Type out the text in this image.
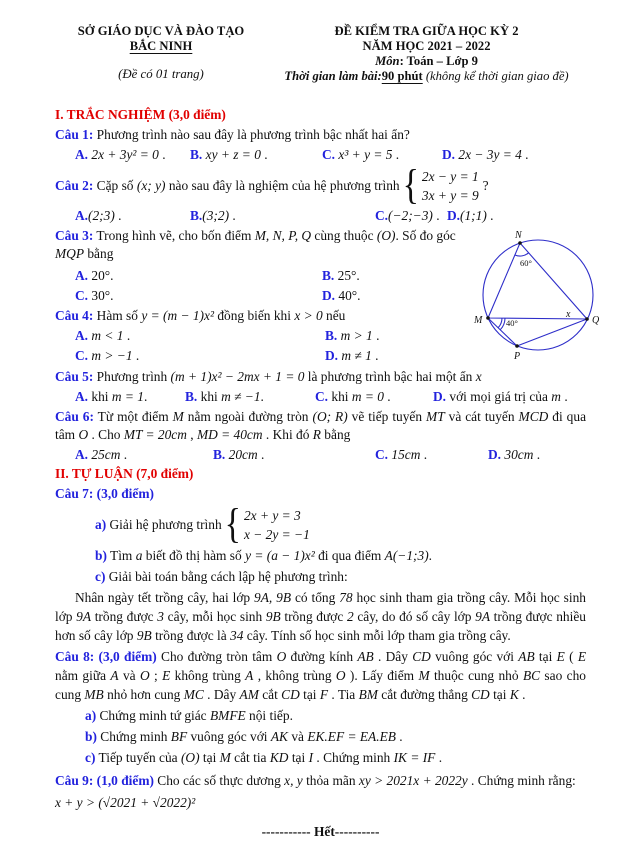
SỞ GIÁO DỤC VÀ ĐÀO TẠO
BẮC NINH
(Đề có 01 trang)
ĐỀ KIỂM TRA GIỮA HỌC KỲ 2
NĂM HỌC 2021 – 2022
Môn: Toán – Lớp 9
Thời gian làm bài:90 phút (không kể thời gian giao đề)
I. TRẮC NGHIỆM (3,0 điểm)

Câu 1: Phương trình nào sau đây là phương trình bậc nhất hai ẩn?

A. 2x + 3y² = 0 .	B. xy + z = 0 .	C. x³ + y = 5 .	D. 2x − 3y = 4 .
Câu 2: Cặp số (x; y) nào sau đây là nghiệm của hệ phương trình { 2x − y = 1
3x + y = 9
?
A.(2;3) .	B.(3;2) .	C.(−2;−3) . D.(1;1) .
N
M	Q
P
60°
40°
x

Câu 3: Trong hình vẽ, cho bốn điểm M, N, P, Q cùng thuộc (O). Số đo góc MQP bằng

A. 20°.	B. 25°.
C. 30°.	D. 40°.

Câu 4: Hàm số y = (m − 1)x² đồng biến khi x > 0 nếu

A. m < 1 .	B. m > 1 .
C. m > −1 .	D. m ≠ 1 .

Câu 5: Phương trình (m + 1)x² − 2mx + 1 = 0 là phương trình bậc hai một ẩn x

A. khi m = 1.	B. khi m ≠ −1.	C. khi m = 0 .	D. với mọi giá trị của m .

Câu 6: Từ một điểm M nằm ngoài đường tròn (O; R) vẽ tiếp tuyến MT và cát tuyến MCD đi qua tâm O . Cho MT = 20cm , MD = 40cm . Khi đó R bằng

A. 25cm .	B. 20cm .	C. 15cm .	D. 30cm .
II. TỰ LUẬN (7,0 điểm)

Câu 7: (3,0 điểm)

a) Giải hệ phương trình { 2x + y = 3
x − 2y = −1

b) Tìm a biết đồ thị hàm số y = (a − 1)x² đi qua điểm A(−1;3).

c) Giải bài toán bằng cách lập hệ phương trình:

Nhân ngày tết trồng cây, hai lớp 9A, 9B có tổng 78 học sinh tham gia trồng cây. Mỗi học sinh lớp 9A trồng được 3 cây, mỗi học sinh 9B trồng được 2 cây, do đó số cây lớp 9A trồng được nhiều hơn số cây lớp 9B trồng được là 34 cây. Tính số học sinh mỗi lớp tham gia trồng cây.

Câu 8: (3,0 điểm) Cho đường tròn tâm O đường kính AB . Dây CD vuông góc với AB tại E ( E nằm giữa A và O ; E không trùng A , không trùng O ). Lấy điểm M thuộc cung nhỏ BC sao cho cung MB nhỏ hơn cung MC . Dây AM cắt CD tại F . Tia BM cắt đường thẳng CD tại K .

a) Chứng minh tứ giác BMFE nội tiếp.

b) Chứng minh BF vuông góc với AK và EK.EF = EA.EB .

c) Tiếp tuyến của (O) tại M cắt tia KD tại I . Chứng minh IK = IF .

Câu 9: (1,0 điểm) Cho các số thực dương x, y thỏa mãn xy > 2021x + 2022y . Chứng minh rằng:

x + y > (√2021 + √2022)²

----------- Hết----------
